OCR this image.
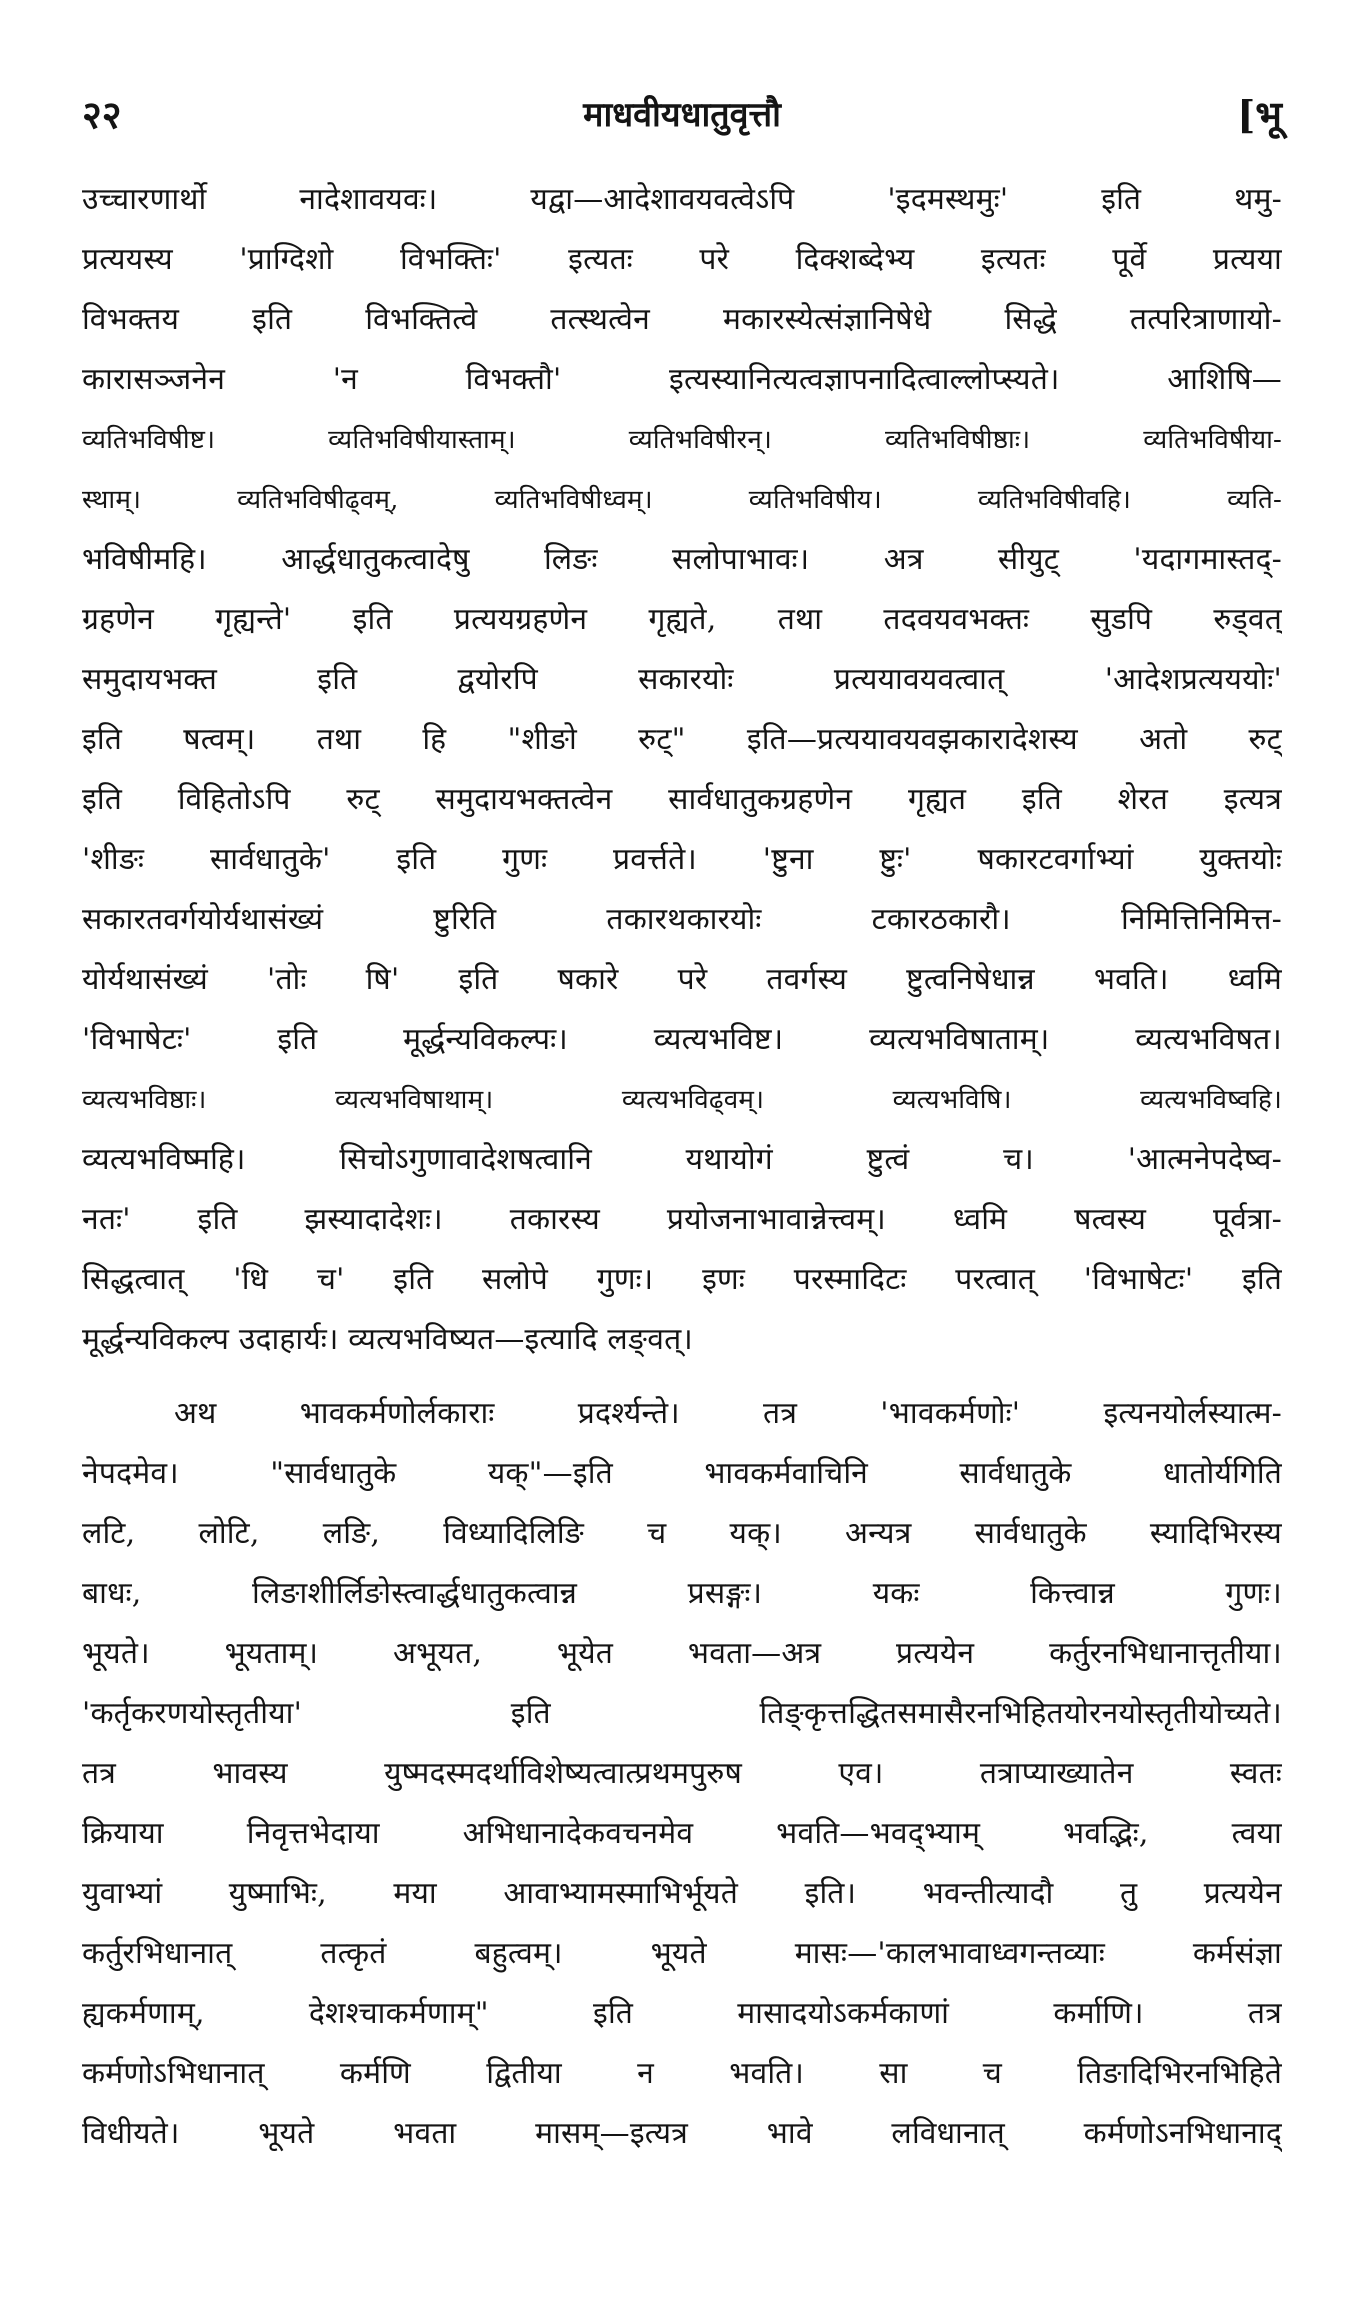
२२	माधवीयधातुवृत्तौ	[भू
उच्चारणार्थो नादेशावयवः। यद्वा—आदेशावयवत्वेऽपि 'इदमस्थमुः' इति थमु-
प्रत्ययस्य 'प्राग्दिशो विभक्तिः' इत्यतः परे दिक्शब्देभ्य इत्यतः पूर्वे प्रत्यया
विभक्तय इति विभक्तित्वे तत्स्थत्वेन मकारस्येत्संज्ञानिषेधे सिद्धे तत्परित्राणायो-
कारासञ्जनेन 'न विभक्तौ' इत्यस्यानित्यत्वज्ञापनादित्वाल्लोप्स्यते। आशिषि—
व्यतिभविषीष्ट। व्यतिभविषीयास्ताम्। व्यतिभविषीरन्। व्यतिभविषीष्ठाः। व्यतिभविषीया-
स्थाम्। व्यतिभविषीढ्वम्, व्यतिभविषीध्वम्। व्यतिभविषीय। व्यतिभविषीवहि। व्यति-
भविषीमहि। आर्द्धधातुकत्वादेषु लिङः सलोपाभावः। अत्र सीयुट् 'यदागमास्तद्-
ग्रहणेन गृह्यन्ते' इति प्रत्ययग्रहणेन गृह्यते, तथा तदवयवभक्तः सुडपि रुड्वत्
समुदायभक्त इति द्वयोरपि सकारयोः प्रत्ययावयवत्वात् 'आदेशप्रत्यययोः'
इति षत्वम्। तथा हि "शीङो रुट्" इति—प्रत्ययावयवझकारादेशस्य अतो रुट्
इति विहितोऽपि रुट् समुदायभक्तत्वेन सार्वधातुकग्रहणेन गृह्यत इति शेरत इत्यत्र
'शीङः सार्वधातुके' इति गुणः प्रवर्त्तते। 'ष्टुना ष्टुः' षकारटवर्गाभ्यां युक्तयोः
सकारतवर्गयोर्यथासंख्यं ष्टुरिति तकारथकारयोः टकारठकारौ। निमित्तिनिमित्त-
योर्यथासंख्यं 'तोः षि' इति षकारे परे तवर्गस्य ष्टुत्वनिषेधान्न भवति। ध्वमि
'विभाषेटः' इति मूर्द्धन्यविकल्पः। व्यत्यभविष्ट। व्यत्यभविषाताम्। व्यत्यभविषत।
व्यत्यभविष्ठाः। व्यत्यभविषाथाम्। व्यत्यभविढ्वम्। व्यत्यभविषि। व्यत्यभविष्वहि।
व्यत्यभविष्महि। सिचोऽगुणावादेशषत्वानि यथायोगं ष्टुत्वं च। 'आत्मनेपदेष्व-
नतः' इति झस्यादादेशः। तकारस्य प्रयोजनाभावान्नेत्त्वम्। ध्वमि षत्वस्य पूर्वत्रा-
सिद्धत्वात् 'धि च' इति सलोपे गुणः। इणः परस्मादिटः परत्वात् 'विभाषेटः' इति
मूर्द्धन्यविकल्प उदाहार्यः। व्यत्यभविष्यत—इत्यादि लङ्वत्।
अथ भावकर्मणोर्लकाराः प्रदर्श्यन्ते। तत्र 'भावकर्मणोः' इत्यनयोर्लस्यात्म-
नेपदमेव। "सार्वधातुके यक्"—इति भावकर्मवाचिनि सार्वधातुके धातोर्यगिति
लटि, लोटि, लङि, विध्यादिलिङि च यक्। अन्यत्र सार्वधातुके स्यादिभिरस्य
बाधः, लिङाशीर्लिङोस्त्वार्द्धधातुकत्वान्न प्रसङ्गः। यकः कित्त्वान्न गुणः।
भूयते। भूयताम्। अभूयत, भूयेत भवता—अत्र प्रत्ययेन कर्तुरनभिधानात्तृतीया।
'कर्तृकरणयोस्तृतीया' इति तिङ्कृत्तद्धितसमासैरनभिहितयोरनयोस्तृतीयोच्यते।
तत्र भावस्य युष्मदस्मदर्थाविशेष्यत्वात्प्रथमपुरुष एव। तत्राप्याख्यातेन स्वतः
क्रियाया निवृत्तभेदाया अभिधानादेकवचनमेव भवति—भवद्भ्याम् भवद्भिः, त्वया
युवाभ्यां युष्माभिः, मया आवाभ्यामस्माभिर्भूयते इति। भवन्तीत्यादौ तु प्रत्ययेन
कर्तुरभिधानात् तत्कृतं बहुत्वम्। भूयते मासः—'कालभावाध्वगन्तव्याः कर्मसंज्ञा
ह्यकर्मणाम्, देशश्चाकर्मणाम्" इति मासादयोऽकर्मकाणां कर्माणि। तत्र
कर्मणोऽभिधानात् कर्मणि द्वितीया न भवति। सा च तिङादिभिरनभिहिते
विधीयते। भूयते भवता मासम्—इत्यत्र भावे लविधानात् कर्मणोऽनभिधानाद्
